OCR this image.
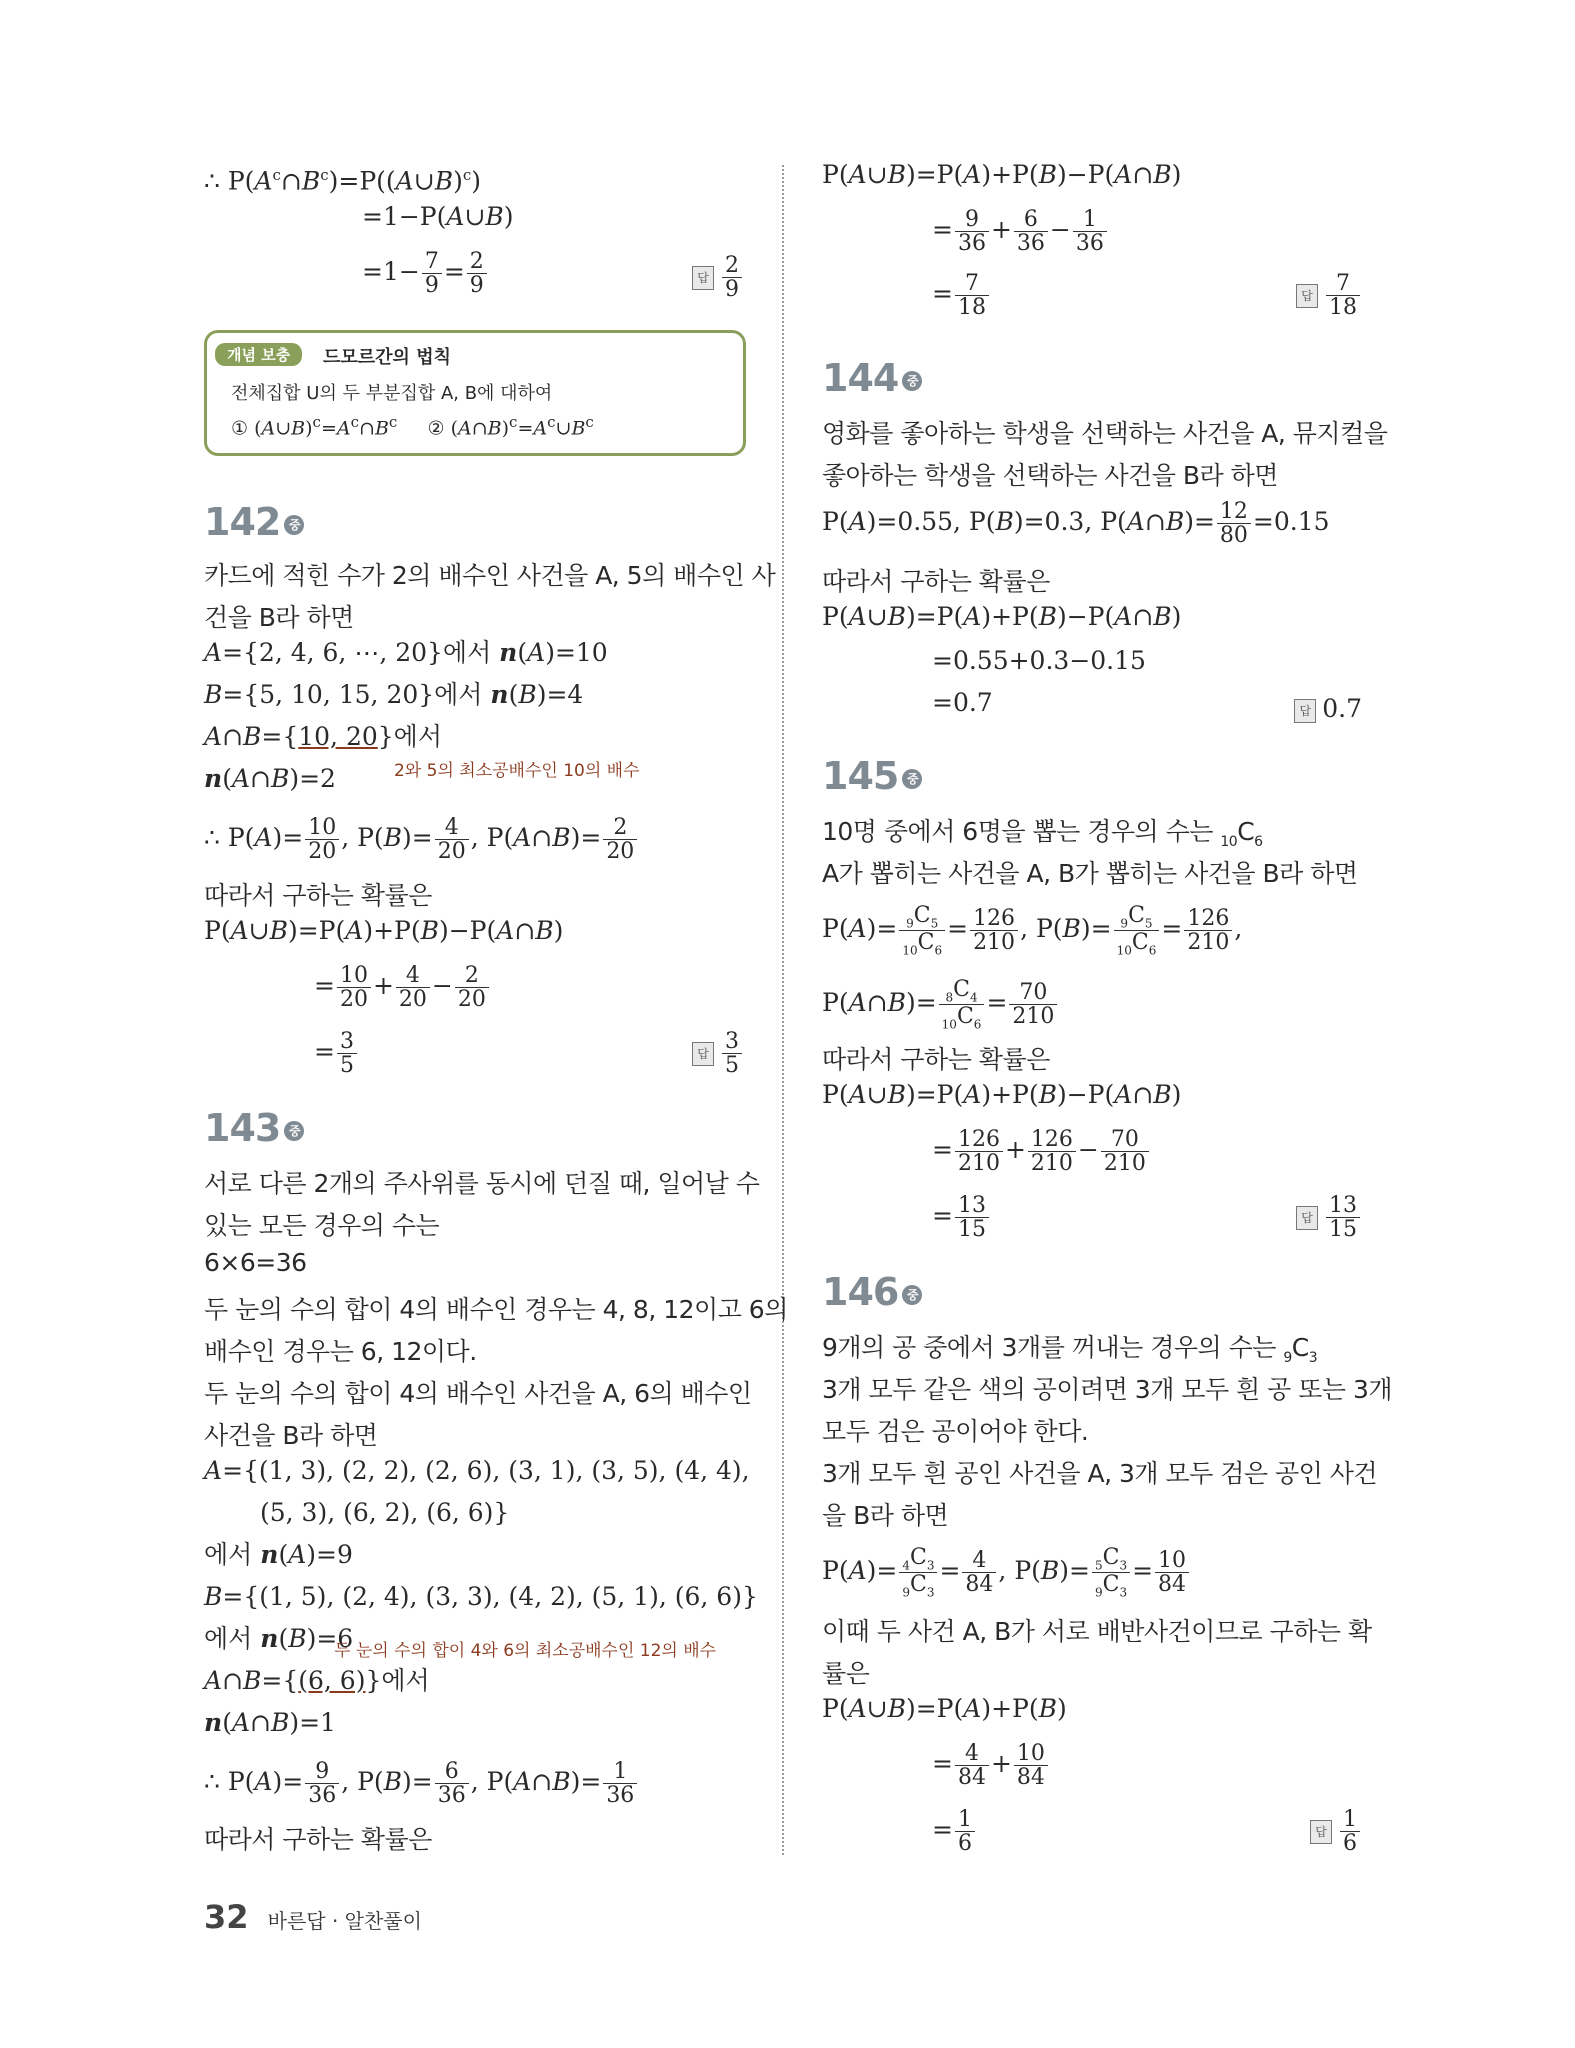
∴ $P(A^c\cap B^c)=P((A\cup B)^c)$
=1−P(A∪B)
$=1- \frac{7}{9} = \frac{2}{9}$	답 $\frac{2}{9}$
개념 보충	드모르간의 법칙
전체집합 U의 두 부분집합 A, B에 대하여
① $(A\cup B)^c=A^c\cap B^c$     ② $(A\cap B)^c=A^c\cup B^c$
142 중
카드에 적힌 수가 2의 배수인 사건을 A, 5의 배수인 사
건을 B라 하면
A={2, 4, 6, ⋯, 20}에서 n(A)=10
B={5, 10, 15, 20}에서 n(B)=4
A∩B={10, 20}에서
n(A∩B)=2	2와 5의 최소공배수인 10의 배수
∴ $P(A)= \frac{10}{20}$ , $P(B)= \frac{4}{20}$ , P(A∩B)= $\frac{2}{20}$
따라서 구하는 확률은
P(A∪B)=P(A)+P(B)−P(A∩B)
= $\frac{10}{20} + \frac{4}{20} - \frac{2}{20}$
= $\frac{3}{5}$	답 $\frac{3}{5}$
143 중
서로 다른 2개의 주사위를 동시에 던질 때, 일어날 수
있는 모든 경우의 수는
6×6=36
두 눈의 수의 합이 4의 배수인 경우는 4, 8, 12이고 6의
배수인 경우는 6, 12이다.
두 눈의 수의 합이 4의 배수인 사건을 A, 6의 배수인
사건을 B라 하면
A={(1, 3), (2, 2), (2, 6), (3, 1), (3, 5), (4, 4),
(5, 3), (6, 2), (6, 6)}
에서 n(A)=9
B={(1, 5), (2, 4), (3, 3), (4, 2), (5, 1), (6, 6)}
에서 n(B)=6
두 눈의 수의 합이 4와 6의 최소공배수인 12의 배수
A∩B={(6, 6)}에서
n(A∩B)=1
∴ $P(A)= \frac{9}{36}$ , $P(B)= \frac{6}{36}$ , P(A∩B)= $\frac{1}{36}$
따라서 구하는 확률은
P(A∪B)=P(A)+P(B)−P(A∩B)
= $\frac{9}{36} + \frac{6}{36} - \frac{1}{36}$
= $\frac{7}{18}$	답 $\frac{7}{18}$
144 중
영화를 좋아하는 학생을 선택하는 사건을 A, 뮤지컬을
좋아하는 학생을 선택하는 사건을 B라 하면
P(A)=0.55, P(B)=0.3, P(A∩B)= $\frac{12}{80} =0.15$
따라서 구하는 확률은
P(A∪B)=P(A)+P(B)−P(A∩B)
=0.55+0.3−0.15
=0.7	답 0.7
145 중
10명 중에서 6명을 뽑는 경우의 수는 $_{10}C_6$
A가 뽑히는 사건을 A, B가 뽑히는 사건을 B라 하면
$P(A)= \frac{_9C_5}{_{10}C_6} = \frac{126}{210}$ , $P(B)= \frac{_9C_5}{_{10}C_6} = \frac{126}{210}$ ,
P(A∩B)= $\frac{_8C_4}{_{10}C_6} = \frac{70}{210}$
따라서 구하는 확률은
P(A∪B)=P(A)+P(B)−P(A∩B)
= $\frac{126}{210} + \frac{126}{210} - \frac{70}{210}$
= $\frac{13}{15}$	답 $\frac{13}{15}$
146 중
9개의 공 중에서 3개를 꺼내는 경우의 수는 $_9C_3$
3개 모두 같은 색의 공이려면 3개 모두 흰 공 또는 3개
모두 검은 공이어야 한다.
3개 모두 흰 공인 사건을 A, 3개 모두 검은 공인 사건
을 B라 하면
$P(A)= \frac{_4C_3}{_9C_3} = \frac{4}{84}$ , $P(B)= \frac{_5C_3}{_9C_3} = \frac{10}{84}$
이때 두 사건 A, B가 서로 배반사건이므로 구하는 확
률은
P(A∪B)=P(A)+P(B)
= $\frac{4}{84} + \frac{10}{84}$
= $\frac{1}{6}$	답 $\frac{1}{6}$
32 바른답 · 알찬풀이
